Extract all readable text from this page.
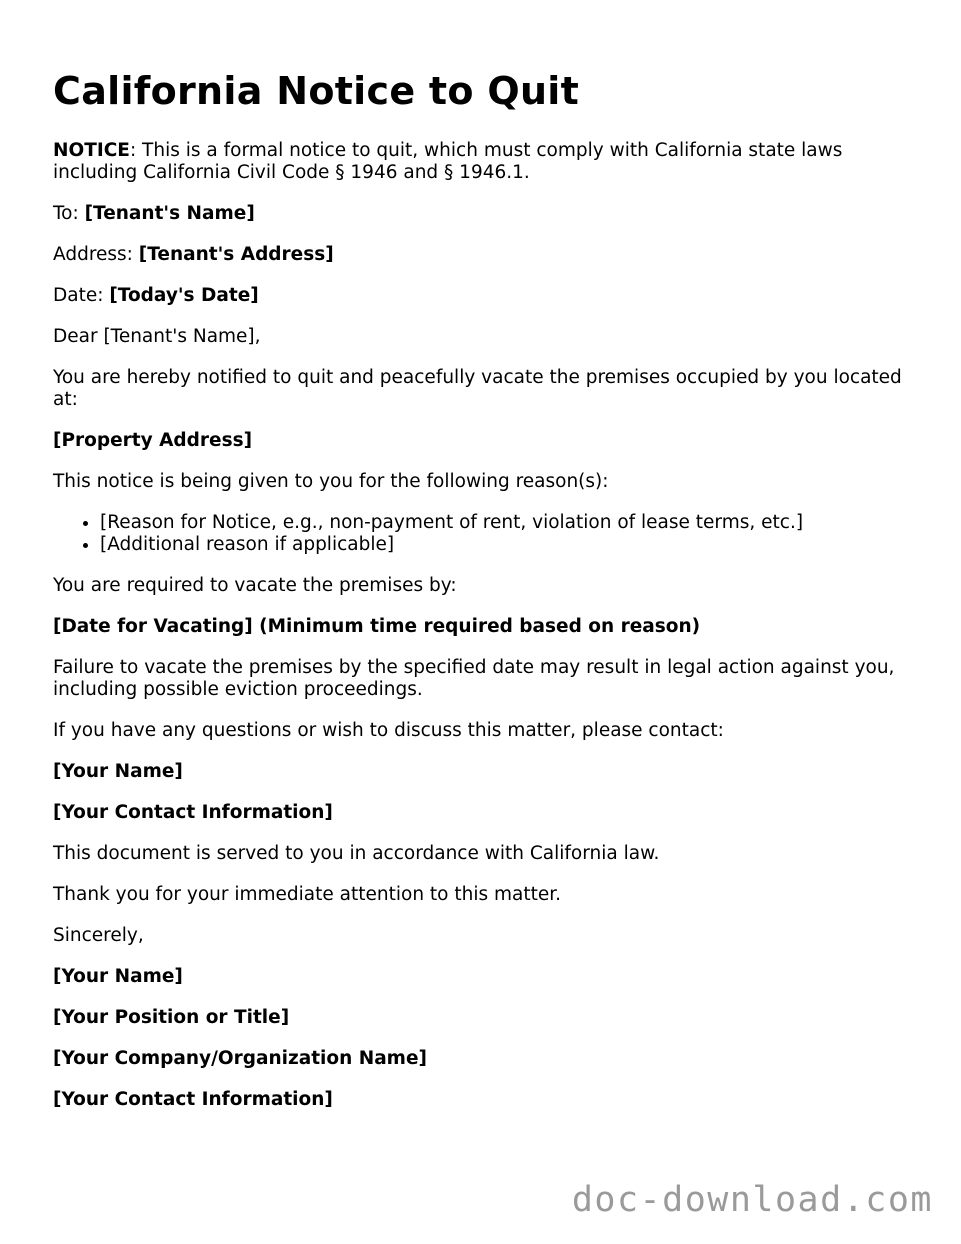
California Notice to Quit

NOTICE: This is a formal notice to quit, which must comply with California state laws including California Civil Code § 1946 and § 1946.1.

To: [Tenant's Name]

Address: [Tenant's Address]

Date: [Today's Date]

Dear [Tenant's Name],

You are hereby notified to quit and peacefully vacate the premises occupied by you located at:

[Property Address]

This notice is being given to you for the following reason(s):

• [Reason for Notice, e.g., non-payment of rent, violation of lease terms, etc.]
• [Additional reason if applicable]

You are required to vacate the premises by:

[Date for Vacating] (Minimum time required based on reason)

Failure to vacate the premises by the specified date may result in legal action against you, including possible eviction proceedings.

If you have any questions or wish to discuss this matter, please contact:

[Your Name]

[Your Contact Information]

This document is served to you in accordance with California law.

Thank you for your immediate attention to this matter.

Sincerely,

[Your Name]

[Your Position or Title]

[Your Company/Organization Name]

[Your Contact Information]

doc-download.com
